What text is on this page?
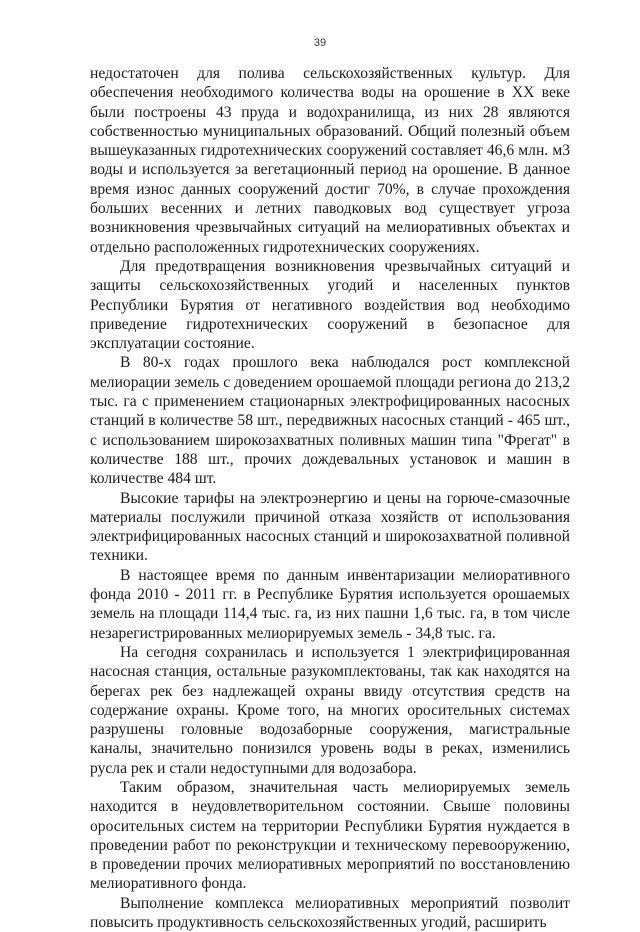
39

недостаточен для полива сельскохозяйственных культур. Для обеспечения необходимого количества воды на орошение в XX веке были построены 43 пруда и водохранилища, из них 28 являются собственностью муниципальных образований. Общий полезный объем вышеуказанных гидротехнических сооружений составляет 46,6 млн. м3 воды и используется за вегетационный период на орошение. В данное время износ данных сооружений достиг 70%, в случае прохождения больших весенних и летних паводковых вод существует угроза возникновения чрезвычайных ситуаций на мелиоративных объектах и отдельно расположенных гидротехнических сооружениях.

Для предотвращения возникновения чрезвычайных ситуаций и защиты сельскохозяйственных угодий и населенных пунктов Республики Бурятия от негативного воздействия вод необходимо приведение гидротехнических сооружений в безопасное для эксплуатации состояние.

В 80-х годах прошлого века наблюдался рост комплексной мелиорации земель с доведением орошаемой площади региона до 213,2 тыс. га с применением стационарных электрофицированных насосных станций в количестве 58 шт., передвижных насосных станций - 465 шт., с использованием широкозахватных поливных машин типа "Фрегат" в количестве 188 шт., прочих дождевальных установок и машин в количестве 484 шт.

Высокие тарифы на электроэнергию и цены на горюче-смазочные материалы послужили причиной отказа хозяйств от использования электрифицированных насосных станций и широкозахватной поливной техники.

В настоящее время по данным инвентаризации мелиоративного фонда 2010 - 2011 гг. в Республике Бурятия используется орошаемых земель на площади 114,4 тыс. га, из них пашни 1,6 тыс. га, в том числе незарегистрированных мелиорируемых земель - 34,8 тыс. га.

На сегодня сохранилась и используется 1 электрифицированная насосная станция, остальные разукомплектованы, так как находятся на берегах рек без надлежащей охраны ввиду отсутствия средств на содержание охраны. Кроме того, на многих оросительных системах разрушены головные водозаборные сооружения, магистральные каналы, значительно понизился уровень воды в реках, изменились русла рек и стали недоступными для водозабора.

Таким образом, значительная часть мелиорируемых земель находится в неудовлетворительном состоянии. Свыше половины оросительных систем на территории Республики Бурятия нуждается в проведении работ по реконструкции и техническому перевооружению, в проведении прочих мелиоративных мероприятий по восстановлению мелиоративного фонда.

Выполнение комплекса мелиоративных мероприятий позволит повысить продуктивность сельскохозяйственных угодий, расширить
